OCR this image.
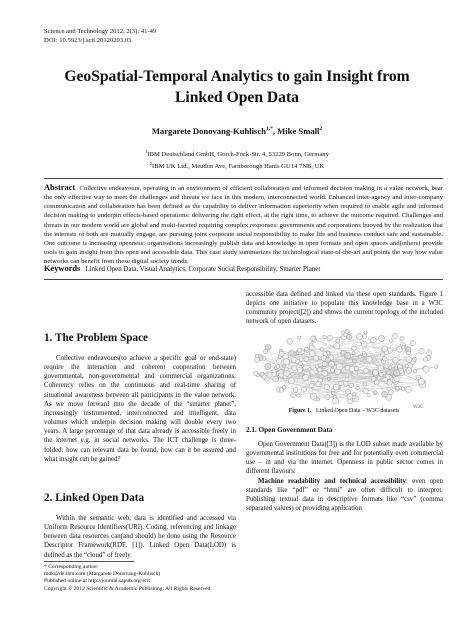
Science and Technology 2012, 2(3): 41-49
DOI: 10.5923/j.scit.20120203.03
GeoSpatial-Temporal Analytics to gain Insight from
Linked Open Data
Margarete Donovang-Kuhlisch$^{1,*}$, Mike Small$^2$
$^1$IBM Deutschland GmbH, Gorch-Fock-Str. 4, 53229 Bonn, Germany
$^2$IBM UK Ltd., Meudon Ave, Farnborough Hants GU14 7NB, UK
Abstract Collective endeavours, operating in an environment of efficient collaboration and informed decision making in a value network, bear the only effective way to meet the challenges and threats we face in this modern, interconnected world. Enhanced inter-agency and inter-company communication and collaboration has been defined as the capability to deliver information superiority when required to enable agile and informed decision making to underpin effects-based operations: delivering the right effect, at the right time, to achieve the outcome required. Challenges and threats in our modern world are global and multi-faceted requiring complex responses: governments and corporations buoyed by the realization that the interests of both are mutually engage, are pursuing joint corporate social responsibility to make life and business conduct safe and sustainable. One outcome is increasing openness: organisations increasingly publish data and knowledge in open formats and open spaces and(others) provide tools to gain insight from this open and accessible data. This case study summarizes the technological state-of-the-art and points the way how value networks can benefit from these digital society trends.
Keywords Linked Open Data, Visual Analytics, Corporate Social Responsibility, Smarter Planet
1. The Problem Space

Collective endeavours(to achieve a specific goal or end-state) require the interaction and coherent cooperation between governmental, non-governmental and commercial organizations. Coherency relies on the continuous and real-time sharing of situational awareness between all participants in the value network. As we move forward into the decade of the “smarter planet”, increasingly instrumented, interconnected and intelligent, data volumes which underpin decision making will double every two years. A large percentage of that data already is accessible freely in the internet e.g. in social networks. The ICT challenge is three-folded: how can relevant data be found, how can it be assured and what insight can be gained?

2. Linked Open Data

Within the semantic web, data is identified and accessed via Uniform Resource Identifiers(URI). Coding, referencing and linkage between data resources can(and should) be done using the Resource Descriptor Framework(RDF, [1]). Linked Open Data(LOD) is defined as the “cloud” of freely

* Corresponding author:
mdk@de.ibm.com (Margarete Donovang-Kuhlisch)
Published online at http://journal.sapub.org/scit
Copyright © 2012 Scientific & Academic Publishing. All Rights Reserved
accessible data defined and linked via these open standards. Figure 1 depicts one initiative to populate this knowledge base in a W3C community project([2]) and shows the current topology of the included network of open datasets.
W3C
Figure 1. Linked Open Data – W3C datasets
2.1. Open Government Data

Open Government Data([3]) is the LOD subset made available by governmental institutions for free and for potentially even commercial use – in and via the internet. Openness in public sector comes in different flavours:

Machine readability and technical accessibility: even open standards like “pdf” or “html” are often difficult to interpret. Publishing textual data in descriptive formats like “csv” (comma separated values) or providing application
